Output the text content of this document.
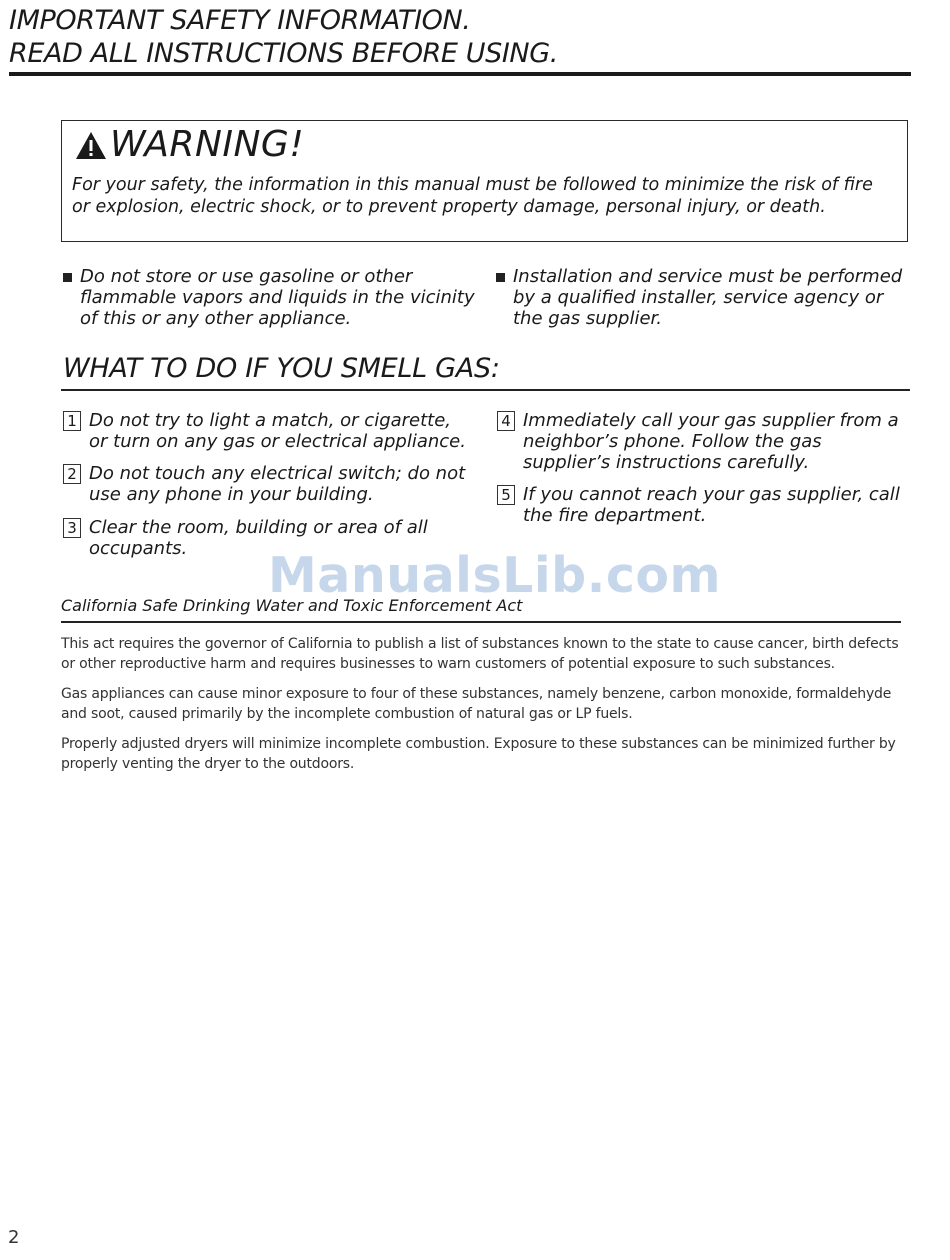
IMPORTANT SAFETY INFORMATION.
READ ALL INSTRUCTIONS BEFORE USING.
WARNING!
For your safety, the information in this manual must be followed to minimize the risk of fire or explosion, electric shock, or to prevent property damage, personal injury, or death.
Do not store or use gasoline or other flammable vapors and liquids in the vicinity of this or any other appliance.
Installation and service must be performed by a qualified installer, service agency or the gas supplier.
WHAT TO DO IF YOU SMELL GAS:
1 Do not try to light a match, or cigarette, or turn on any gas or electrical appliance.
2 Do not touch any electrical switch; do not use any phone in your building.
3 Clear the room, building or area of all occupants.
4 Immediately call your gas supplier from a neighbor’s phone. Follow the gas supplier’s instructions carefully.
5 If you cannot reach your gas supplier, call the fire department.
ManualsLib.com
California Safe Drinking Water and Toxic Enforcement Act
This act requires the governor of California to publish a list of substances known to the state to cause cancer, birth defects or other reproductive harm and requires businesses to warn customers of potential exposure to such substances.
Gas appliances can cause minor exposure to four of these substances, namely benzene, carbon monoxide, formaldehyde and soot, caused primarily by the incomplete combustion of natural gas or LP fuels.
Properly adjusted dryers will minimize incomplete combustion. Exposure to these substances can be minimized further by properly venting the dryer to the outdoors.
2
